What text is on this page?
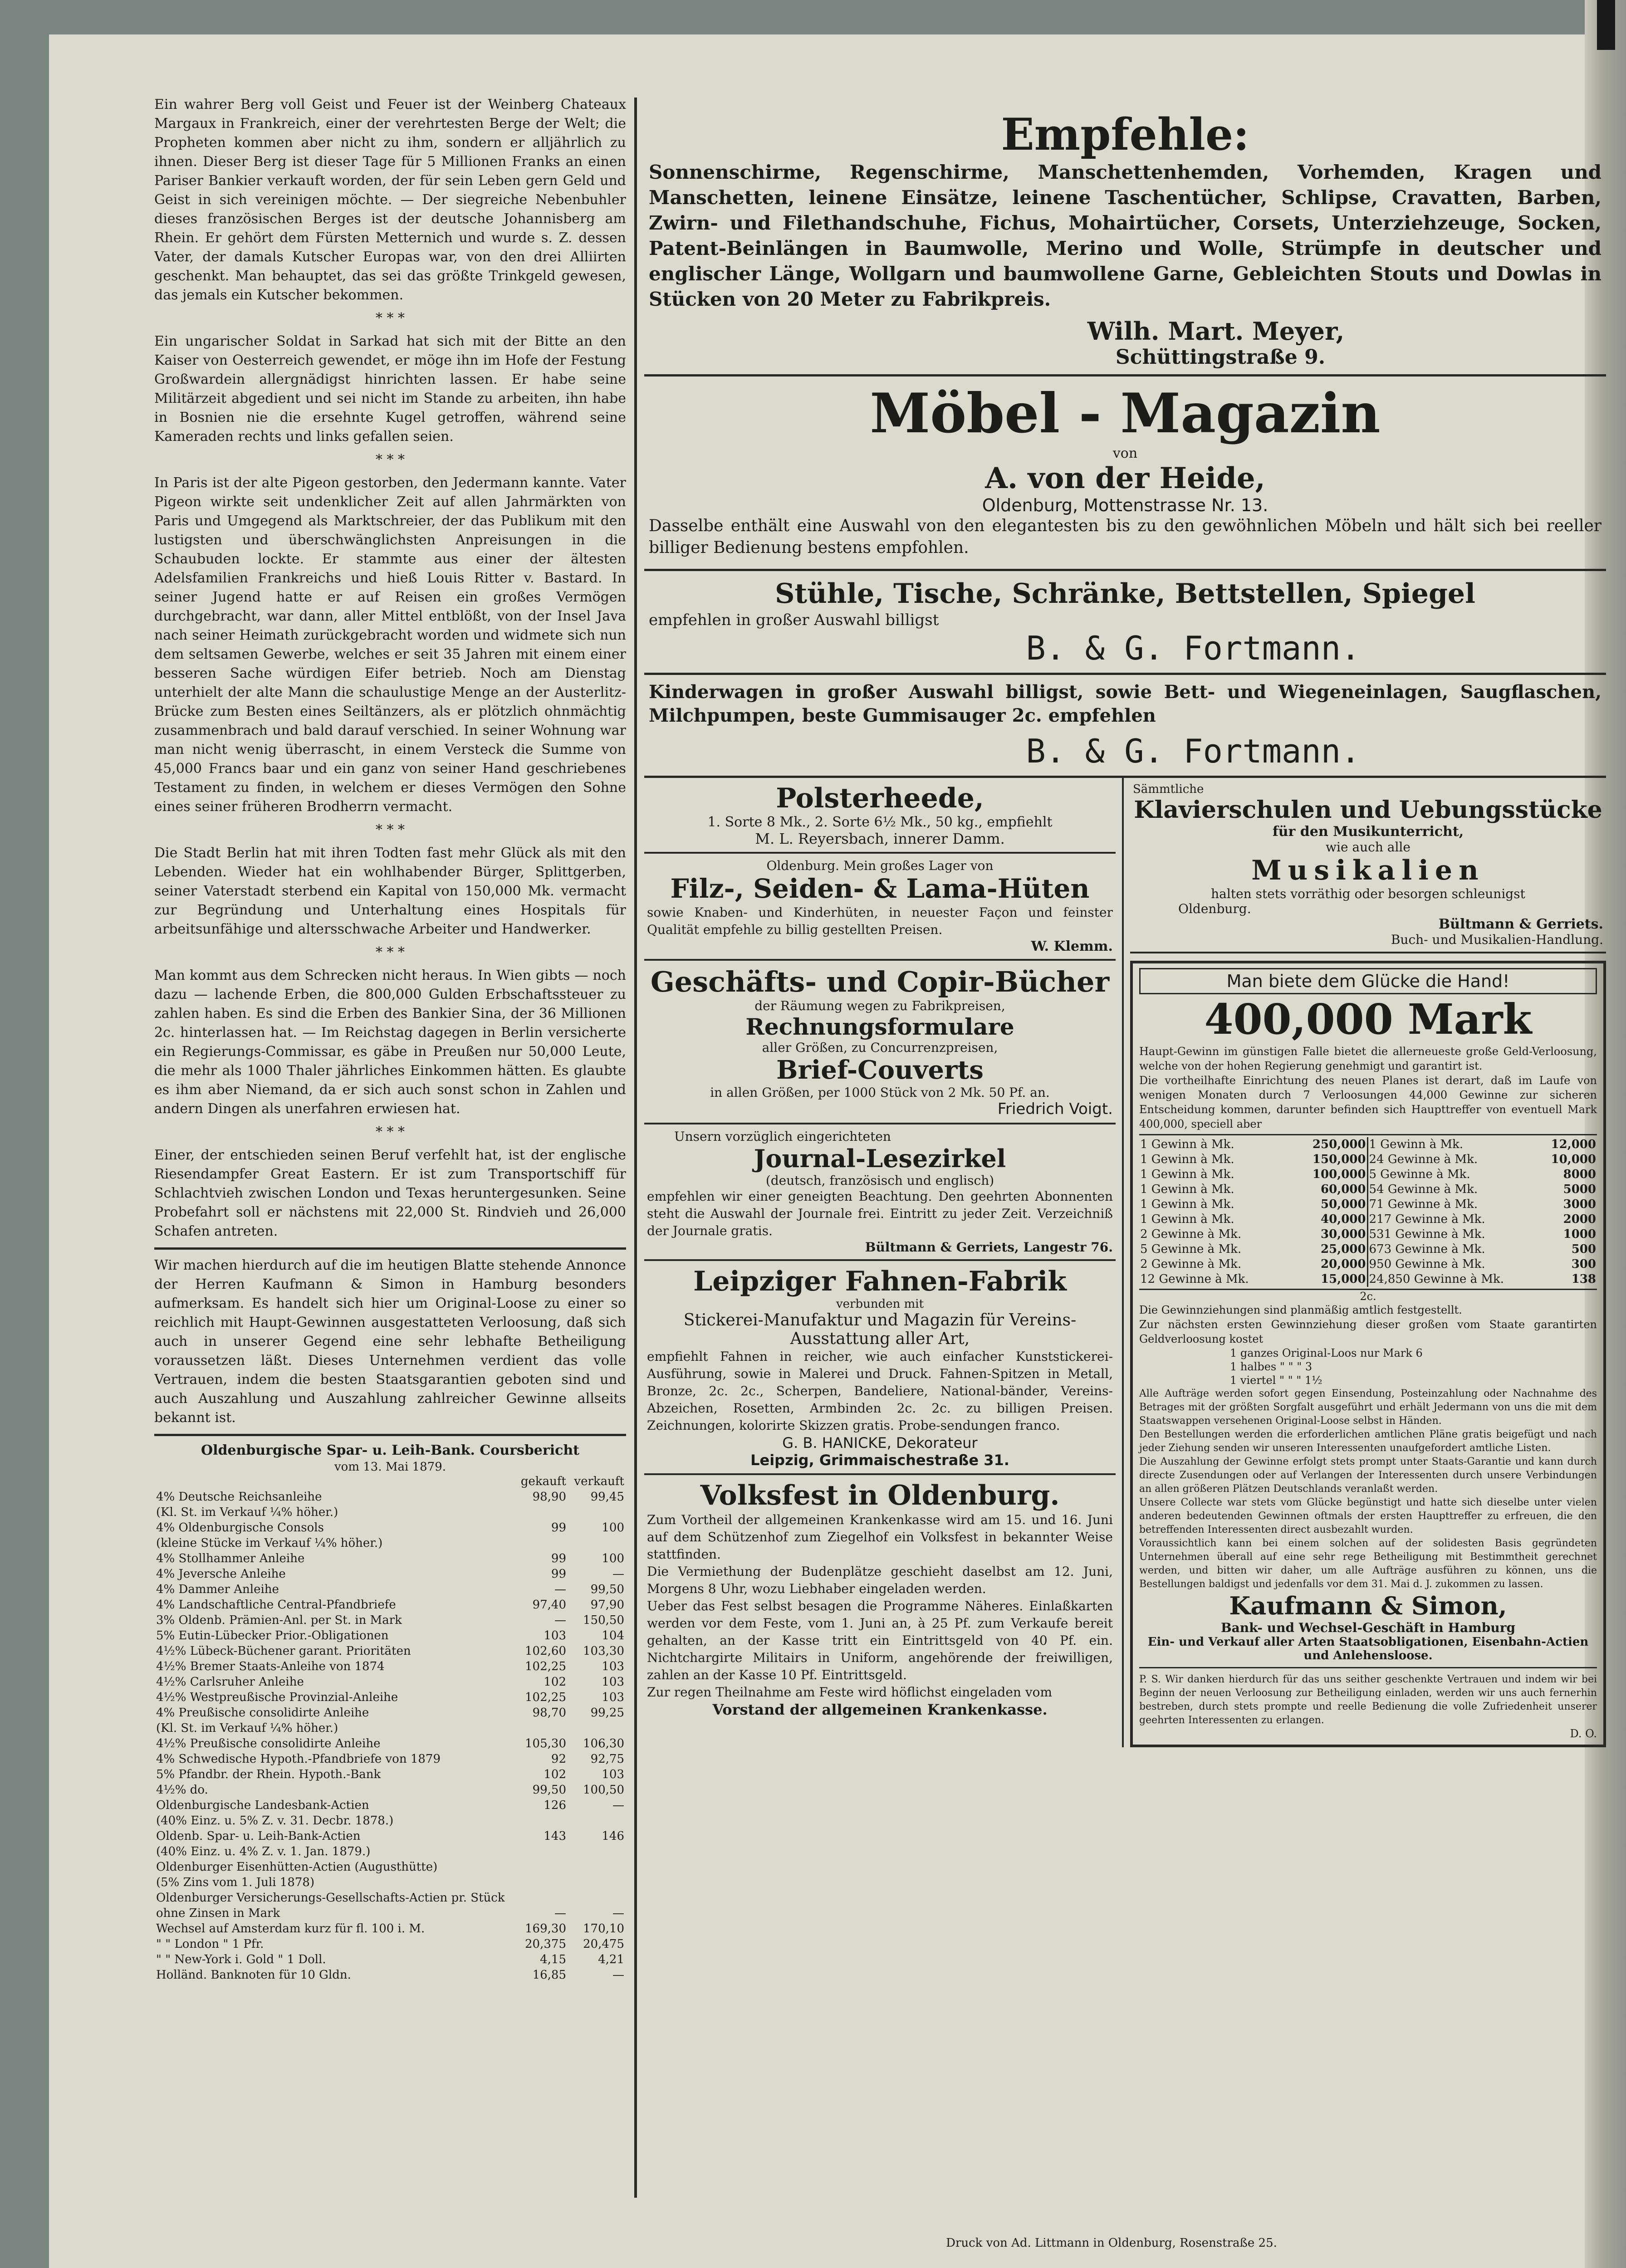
Ein wahrer Berg voll Geist und Feuer ist der Weinberg Chateaux Margaux in Frankreich, einer der verehrtesten Berge der Welt; die Propheten kommen aber nicht zu ihm, sondern er alljährlich zu ihnen. Dieser Berg ist dieser Tage für 5 Millionen Franks an einen Pariser Bankier verkauft worden, der für sein Leben gern Geld und Geist in sich vereinigen möchte. — Der siegreiche Nebenbuhler dieses französischen Berges ist der deutsche Johannisberg am Rhein. Er gehört dem Fürsten Metternich und wurde s. Z. dessen Vater, der damals Kutscher Europas war, von den drei Alliirten geschenkt. Man behauptet, das sei das größte Trinkgeld gewesen, das jemals ein Kutscher bekommen.

* * *

Ein ungarischer Soldat in Sarkad hat sich mit der Bitte an den Kaiser von Oesterreich gewendet, er möge ihn im Hofe der Festung Großwardein allergnädigst hinrichten lassen. Er habe seine Militärzeit abgedient und sei nicht im Stande zu arbeiten, ihn habe in Bosnien nie die ersehnte Kugel getroffen, während seine Kameraden rechts und links gefallen seien.

* * *

In Paris ist der alte Pigeon gestorben, den Jedermann kannte. Vater Pigeon wirkte seit undenklicher Zeit auf allen Jahrmärkten von Paris und Umgegend als Marktschreier, der das Publikum mit den lustigsten und überschwänglichsten Anpreisungen in die Schaubuden lockte. Er stammte aus einer der ältesten Adelsfamilien Frankreichs und hieß Louis Ritter v. Bastard. In seiner Jugend hatte er auf Reisen ein großes Vermögen durchgebracht, war dann, aller Mittel entblößt, von der Insel Java nach seiner Heimath zurückgebracht worden und widmete sich nun dem seltsamen Gewerbe, welches er seit 35 Jahren mit einem einer besseren Sache würdigen Eifer betrieb. Noch am Dienstag unterhielt der alte Mann die schaulustige Menge an der Austerlitz-Brücke zum Besten eines Seiltänzers, als er plötzlich ohnmächtig zusammenbrach und bald darauf verschied. In seiner Wohnung war man nicht wenig überrascht, in einem Versteck die Summe von 45,000 Francs baar und ein ganz von seiner Hand geschriebenes Testament zu finden, in welchem er dieses Vermögen den Sohne eines seiner früheren Brodherrn vermacht.

* * *

Die Stadt Berlin hat mit ihren Todten fast mehr Glück als mit den Lebenden. Wieder hat ein wohlhabender Bürger, Splittgerben, seiner Vaterstadt sterbend ein Kapital von 150,000 Mk. vermacht zur Begründung und Unterhaltung eines Hospitals für arbeitsunfähige und altersschwache Arbeiter und Handwerker.

* * *

Man kommt aus dem Schrecken nicht heraus. In Wien gibts — noch dazu — lachende Erben, die 800,000 Gulden Erbschaftssteuer zu zahlen haben. Es sind die Erben des Bankier Sina, der 36 Millionen 2c. hinterlassen hat. — Im Reichstag dagegen in Berlin versicherte ein Regierungs-Commissar, es gäbe in Preußen nur 50,000 Leute, die mehr als 1000 Thaler jährliches Einkommen hätten. Es glaubte es ihm aber Niemand, da er sich auch sonst schon in Zahlen und andern Dingen als unerfahren erwiesen hat.

* * *

Einer, der entschieden seinen Beruf verfehlt hat, ist der englische Riesendampfer Great Eastern. Er ist zum Transportschiff für Schlachtvieh zwischen London und Texas heruntergesunken. Seine Probefahrt soll er nächstens mit 22,000 St. Rindvieh und 26,000 Schafen antreten.

Wir machen hierdurch auf die im heutigen Blatte stehende Annonce der Herren Kaufmann & Simon in Hamburg besonders aufmerksam. Es handelt sich hier um Original-Loose zu einer so reichlich mit Haupt-Gewinnen ausgestatteten Verloosung, daß sich auch in unserer Gegend eine sehr lebhafte Betheiligung voraussetzen läßt. Dieses Unternehmen verdient das volle Vertrauen, indem die besten Staatsgarantien geboten sind und auch Auszahlung und Auszahlung zahlreicher Gewinne allseits bekannt ist.

Oldenburgische Spar- u. Leih-Bank. Coursbericht
vom 13. Mai 1879.
	gekauft	verkauft
4% Deutsche Reichsanleihe	98,90	99,45
(Kl. St. im Verkauf ¼% höher.)		
4% Oldenburgische Consols	99	100
(kleine Stücke im Verkauf ¼% höher.)		
4% Stollhammer Anleihe	99	100
4% Jeversche Anleihe	99	—
4% Dammer Anleihe	—	99,50
4% Landschaftliche Central-Pfandbriefe	97,40	97,90
3% Oldenb. Prämien-Anl. per St. in Mark	—	150,50
5% Eutin-Lübecker Prior.-Obligationen	103	104
4½% Lübeck-Büchener garant. Prioritäten	102,60	103,30
4½% Bremer Staats-Anleihe von 1874	102,25	103
4½% Carlsruher Anleihe	102	103
4½% Westpreußische Provinzial-Anleihe	102,25	103
4% Preußische consolidirte Anleihe	98,70	99,25
(Kl. St. im Verkauf ¼% höher.)		
4½% Preußische consolidirte Anleihe	105,30	106,30
4% Schwedische Hypoth.-Pfandbriefe von 1879	92	92,75
5% Pfandbr. der Rhein. Hypoth.-Bank	102	103
4½% do.	99,50	100,50
Oldenburgische Landesbank-Actien	126	—
(40% Einz. u. 5% Z. v. 31. Decbr. 1878.)		
Oldenb. Spar- u. Leih-Bank-Actien	143	146
(40% Einz. u. 4% Z. v. 1. Jan. 1879.)		
Oldenburger Eisenhütten-Actien (Augusthütte)		
(5% Zins vom 1. Juli 1878)		
Oldenburger Versicherungs-Gesellschafts-Actien pr. Stück		
ohne Zinsen in Mark	—	—
Wechsel auf Amsterdam kurz für fl. 100 i. M.	169,30	170,10
" " London " 1 Pfr.	20,375	20,475
" " New-York i. Gold " 1 Doll.	4,15	4,21
Holländ. Banknoten für 10 Gldn.	16,85	—
Empfehle:

Sonnenschirme, Regenschirme, Manschettenhemden, Vorhemden, Kragen und Manschetten, leinene Einsätze, leinene Taschentücher, Schlipse, Cravatten, Barben, Zwirn- und Filethandschuhe, Fichus, Mohairtücher, Corsets, Unterziehzeuge, Socken, Patent-Beinlängen in Baumwolle, Merino und Wolle, Strümpfe in deutscher und englischer Länge, Wollgarn und baumwollene Garne, Gebleichten Stouts und Dowlas in Stücken von 20 Meter zu Fabrikpreis.

Wilh. Mart. Meyer,
Schüttingstraße 9.
Möbel - Magazin
von
A. von der Heide,
Oldenburg, Mottenstrasse Nr. 13.

Dasselbe enthält eine Auswahl von den elegantesten bis zu den gewöhnlichen Möbeln und hält sich bei reeller billiger Bedienung bestens empfohlen.

Stühle, Tische, Schränke, Bettstellen, Spiegel
empfehlen in großer Auswahl billigst
B. & G. Fortmann.

Kinderwagen in großer Auswahl billigst, sowie Bett- und Wiegeneinlagen, Saugflaschen, Milchpumpen, beste Gummisauger 2c. empfehlen

B. & G. Fortmann.
Polsterheede,
1. Sorte 8 Mk., 2. Sorte 6½ Mk., 50 kg., empfiehlt
M. L. Reyersbach, innerer Damm.
Oldenburg. Mein großes Lager von
Filz-, Seiden- & Lama-Hüten

sowie Knaben- und Kinderhüten, in neuester Façon und feinster Qualität empfehle zu billig gestellten Preisen.

W. Klemm.
Geschäfts- und Copir-Bücher
der Räumung wegen zu Fabrikpreisen,
Rechnungsformulare
aller Größen, zu Concurrenzpreisen,
Brief-Couverts
in allen Größen, per 1000 Stück von 2 Mk. 50 Pf. an.
Friedrich Voigt.
Unsern vorzüglich eingerichteten
Journal-Lesezirkel
(deutsch, französisch und englisch)

empfehlen wir einer geneigten Beachtung. Den geehrten Abonnenten steht die Auswahl der Journale frei. Eintritt zu jeder Zeit. Verzeichniß der Journale gratis.

Bültmann & Gerriets, Langestr 76.
Leipziger Fahnen-Fabrik
verbunden mit
Stickerei-Manufaktur und Magazin für Vereins-Ausstattung aller Art,

empfiehlt Fahnen in reicher, wie auch einfacher Kunststickerei-Ausführung, sowie in Malerei und Druck. Fahnen-Spitzen in Metall, Bronze, 2c. 2c., Scherpen, Bandeliere, National-bänder, Vereins-Abzeichen, Rosetten, Armbinden 2c. 2c. zu billigen Preisen. Zeichnungen, kolorirte Skizzen gratis. Probe-sendungen franco.

G. B. HANICKE, Dekorateur
Leipzig, Grimmaischestraße 31.
Volksfest in Oldenburg.

Zum Vortheil der allgemeinen Krankenkasse wird am 15. und 16. Juni auf dem Schützenhof zum Ziegelhof ein Volksfest in bekannter Weise stattfinden.

Die Vermiethung der Budenplätze geschieht daselbst am 12. Juni, Morgens 8 Uhr, wozu Liebhaber eingeladen werden.

Ueber das Fest selbst besagen die Programme Näheres. Einlaßkarten werden vor dem Feste, vom 1. Juni an, à 25 Pf. zum Verkaufe bereit gehalten, an der Kasse tritt ein Eintrittsgeld von 40 Pf. ein. Nichtchargirte Militairs in Uniform, angehörende der freiwilligen, zahlen an der Kasse 10 Pf. Eintrittsgeld.

Zur regen Theilnahme am Feste wird höflichst eingeladen vom

Vorstand der allgemeinen Krankenkasse.
Sämmtliche
Klavierschulen und Uebungsstücke
für den Musikunterricht,
wie auch alle
Musikalien
halten stets vorräthig oder besorgen schleunigst
Oldenburg.
Bültmann & Gerriets.
Buch- und Musikalien-Handlung.
Man biete dem Glücke die Hand!
400,000 Mark

Haupt-Gewinn im günstigen Falle bietet die allerneueste große Geld-Verloosung, welche von der hohen Regierung genehmigt und garantirt ist.

Die vortheilhafte Einrichtung des neuen Planes ist derart, daß im Laufe von wenigen Monaten durch 7 Verloosungen 44,000 Gewinne zur sicheren Entscheidung kommen, darunter befinden sich Haupttreffer von eventuell Mark 400,000, speciell aber

1 Gewinn à Mk.	250,000
1 Gewinn à Mk.	150,000
1 Gewinn à Mk.	100,000
1 Gewinn à Mk.	60,000
1 Gewinn à Mk.	50,000
1 Gewinn à Mk.	40,000
2 Gewinne à Mk.	30,000
5 Gewinne à Mk.	25,000
2 Gewinne à Mk.	20,000
12 Gewinne à Mk.	15,000
1 Gewinn à Mk.	12,000
24 Gewinne à Mk.	10,000
5 Gewinne à Mk.	8000
54 Gewinne à Mk.	5000
71 Gewinne à Mk.	3000
217 Gewinne à Mk.	2000
531 Gewinne à Mk.	1000
673 Gewinne à Mk.	500
950 Gewinne à Mk.	300
24,850 Gewinne à Mk.	138
2c.

Die Gewinnziehungen sind planmäßig amtlich festgestellt.

Zur nächsten ersten Gewinnziehung dieser großen vom Staate garantirten Geldverloosung kostet

1 ganzes Original-Loos nur Mark 6
1 halbes " " " 3
1 viertel " " " 1½

Alle Aufträge werden sofort gegen Einsendung, Posteinzahlung oder Nachnahme des Betrages mit der größten Sorgfalt ausgeführt und erhält Jedermann von uns die mit dem Staatswappen versehenen Original-Loose selbst in Händen.

Den Bestellungen werden die erforderlichen amtlichen Pläne gratis beigefügt und nach jeder Ziehung senden wir unseren Interessenten unaufgefordert amtliche Listen.

Die Auszahlung der Gewinne erfolgt stets prompt unter Staats-Garantie und kann durch directe Zusendungen oder auf Verlangen der Interessenten durch unsere Verbindungen an allen größeren Plätzen Deutschlands veranlaßt werden.

Unsere Collecte war stets vom Glücke begünstigt und hatte sich dieselbe unter vielen anderen bedeutenden Gewinnen oftmals der ersten Haupttreffer zu erfreuen, die den betreffenden Interessenten direct ausbezahlt wurden.

Voraussichtlich kann bei einem solchen auf der solidesten Basis gegründeten Unternehmen überall auf eine sehr rege Betheiligung mit Bestimmtheit gerechnet werden, und bitten wir daher, um alle Aufträge ausführen zu können, uns die Bestellungen baldigst und jedenfalls vor dem 31. Mai d. J. zukommen zu lassen.

Kaufmann & Simon,
Bank- und Wechsel-Geschäft in Hamburg
Ein- und Verkauf aller Arten Staatsobligationen, Eisenbahn-Actien und Anlehensloose.

P. S. Wir danken hierdurch für das uns seither geschenkte Vertrauen und indem wir bei Beginn der neuen Verloosung zur Betheiligung einladen, werden wir uns auch fernerhin bestreben, durch stets prompte und reelle Bedienung die volle Zufriedenheit unserer geehrten Interessenten zu erlangen.

D. O.
Druck von Ad. Littmann in Oldenburg, Rosenstraße 25.
